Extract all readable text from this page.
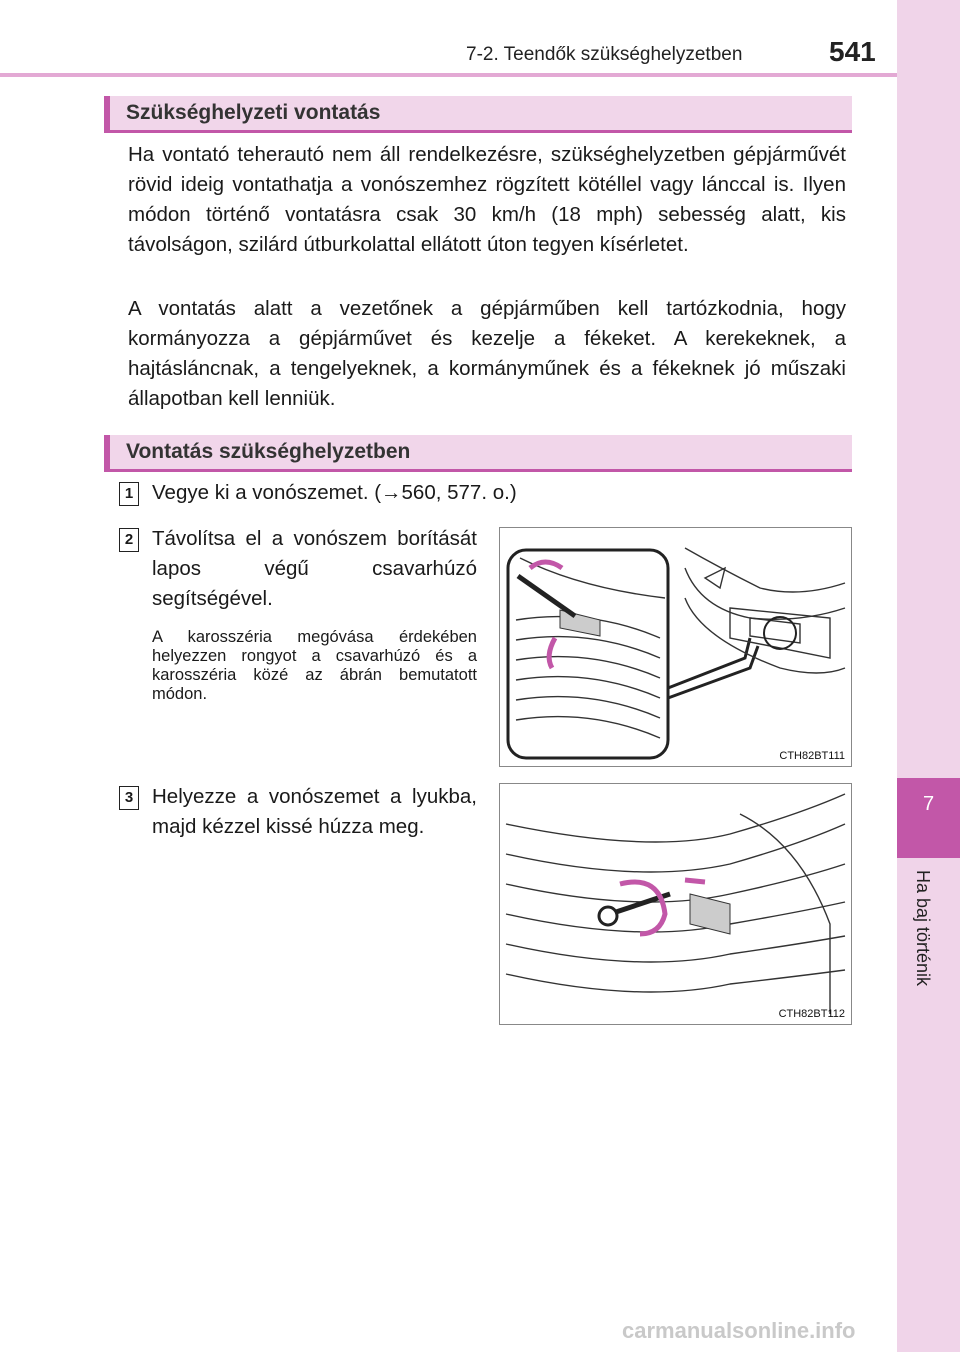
7-2. Teendők szükséghelyzetben	541
7
Ha baj történik
Szükséghelyzeti vontatás

Ha vontató teherautó nem áll rendelkezésre, szükséghelyzetben gépjárművét rövid ideig vontathatja a vonószemhez rögzített kötéllel vagy lánccal is. Ilyen módon történő vontatásra csak 30 km/h (18 mph) sebesség alatt, kis távolságon, szilárd útburkolattal ellátott úton tegyen kísérletet.

A vontatás alatt a vezetőnek a gépjárműben kell tartózkodnia, hogy kormányozza a gépjárművet és kezelje a fékeket. A kerekeknek, a hajtásláncnak, a tengelyeknek, a kormányműnek és a fékeknek jó műszaki állapotban kell lenniük.

Vontatás szükséghelyzetben
1 Vegye ki a vonószemet. (→560, 577. o.)

2 Távolítsa el a vonószem borítását lapos végű csavarhúzó segítségével.

A karosszéria megóvása érdekében helyezzen rongyot a csavarhúzó és a karosszéria közé az ábrán bemutatott módon.

3 Helyezze a vonószemet a lyukba, majd kézzel kissé húzza meg.

CTH82BT111
CTH82BT112
carmanualsonline.info
